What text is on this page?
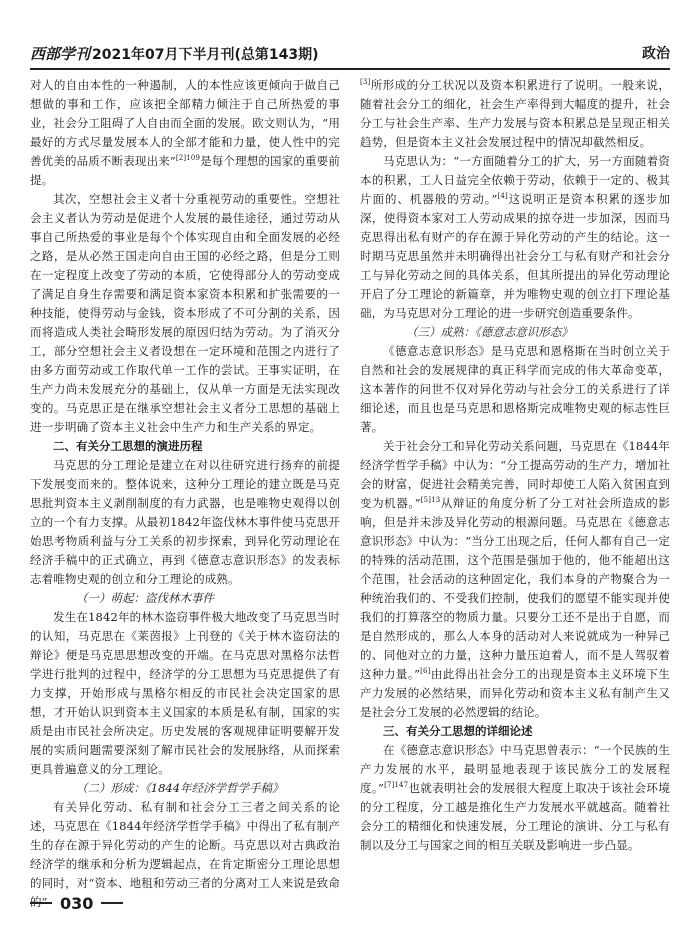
西部学刊 2021年07月下半月刊(总第143期)	政治

对人的自由本性的一种遏制，人的本性应该更倾向于做自己想做的事和工作，应该把全部精力倾注于自己所热爱的事业，社会分工阻碍了人自由而全面的发展。欧文则认为，“用最好的方式尽量发展本人的全部才能和力量，使人性中的完善优美的品质不断表现出来”$^{[2]109}$是每个理想的国家的重要前提。

其次，空想社会主义者十分重视劳动的重要性。空想社会主义者认为劳动是促进个人发展的最佳途径，通过劳动从事自己所热爱的事业是每个个体实现自由和全面发展的必经之路，是从必然王国走向自由王国的必经之路，但是分工则在一定程度上改变了劳动的本质，它使得部分人的劳动变成了满足自身生存需要和满足资本家资本积累和扩张需要的一种技能，使得劳动与金钱，资本形成了不可分割的关系，因而将造成人类社会畸形发展的原因归结为劳动。为了消灭分工，部分空想社会主义者设想在一定环境和范围之内进行了由多方面劳动或工作取代单一工作的尝试。王事实证明，在生产力尚未发展充分的基础上，仅从单一方面是无法实现改变的。马克思正是在继承空想社会主义者分工思想的基础上进一步明确了资本主义社会中生产力和生产关系的界定。

二、有关分工思想的演进历程

马克思的分工理论是建立在对以往研究进行扬弃的前提下发展变而来的。整体说来，这种分工理论的建立既是马克思批判资本主义剥削制度的有力武器，也是唯物史观得以创立的一个有力支撑。从最初1842年盗伐林木事件使马克思开始思考物质利益与分工关系的初步探索，到异化劳动理论在经济手稿中的正式确立，再到《德意志意识形态》的发表标志着唯物史观的创立和分工理论的成熟。

（一）萌起：盗伐林木事件

发生在1842年的林木盗窃事件极大地改变了马克思当时的认知，马克思在《莱茵报》上刊登的《关于林木盗窃法的辩论》便是马克思思想改变的开端。在马克思对黑格尔法哲学进行批判的过程中，经济学的分工思想为马克思提供了有力支撑，开始形成与黑格尔相反的市民社会决定国家的思想，才开始认识到资本主义国家的本质是私有制，国家的实质是由市民社会所决定。历史发展的客观规律证明要解开发展的实质问题需要深刻了解市民社会的发展脉络，从而探索更具普遍意义的分工理论。

（二）形成：《1844年经济学哲学手稿》

有关异化劳动、私有制和社会分工三者之间关系的论述，马克思在《1844年经济学哲学手稿》中得出了私有制产生的存在源于异化劳动的产生的论断。马克思以对古典政治经济学的继承和分析为逻辑起点，在肯定斯密分工理论思想的同时，对“资本、地租和劳动三者的分离对工人来说是致命

[3]所形成的分工状况以及资本积累进行了说明。一般来说，随着社会分工的细化，社会生产率得到大幅度的提升，社会分工与社会生产率、生产力发展与资本积累总是呈现正相关趋势，但是资本主义社会发展过程中的情况却截然相反。

马克思认为：“一方面随着分工的扩大，另一方面随着资本的积累，工人日益完全依赖于劳动，依赖于一定的、极其片面的、机器般的劳动。”[4]这说明正是资本积累的逐步加深，使得资本家对工人劳动成果的掠夺进一步加深，因而马克思得出私有财产的存在源于异化劳动的产生的结论。这一时期马克思虽然并未明确得出社会分工与私有财产和社会分工与异化劳动之间的具体关系，但其所提出的异化劳动理论开启了分工理论的新篇章，并为唯物史观的创立打下理论基础，为马克思对分工理论的进一步研究创造重要条件。

（三）成熟：《德意志意识形态》

《德意志意识形态》是马克思和恩格斯在当时创立关于自然和社会的发展规律的真正科学而完成的伟大革命变革，这本著作的问世不仅对异化劳动与社会分工的关系进行了详细论述，而且也是马克思和恩格斯完成唯物史观的标志性巨著。

关于社会分工和异化劳动关系问题，马克思在《1844年经济学哲学手稿》中认为：“分工提高劳动的生产力，增加社会的财富，促进社会精美完善，同时却使工人陷入贫困直到变为机器。”$^{[5]13}$从辩证的角度分析了分工对社会所造成的影响，但是并未涉及异化劳动的根源问题。马克思在《德意志意识形态》中认为：“当分工出现之后，任何人都有自己一定的特殊的活动范围，这个范围是强加于他的，他不能超出这个范围，社会活动的这种固定化，我们本身的产物聚合为一种统治我们的、不受我们控制，使我们的愿望不能实现并使我们的打算落空的物质力量。只要分工还不是出于自愿，而是自然形成的，那么人本身的活动对人来说就成为一种异己的、同他对立的力量，这种力量压迫着人，而不是人驾驭着这种力量。”[6]由此得出社会分工的出现是资本主义环境下生产力发展的必然结果，而异化劳动和资本主义私有制产生又是社会分工发展的必然逻辑的结论。

三、有关分工思想的详细论述

在《德意志意识形态》中马克思曾表示：“一个民族的生产力发展的水平，最明显地表现于该民族分工的发展程度。”$^{[7]147}$也就表明社会的发展很大程度上取决于该社会环境的分工程度，分工越是推化生产力发展水平就越高。随着社会分工的精细化和快速发展，分工理论的演讲、分工与私有制以及分工与国家之间的相互关联及影响进一步凸显。

030
